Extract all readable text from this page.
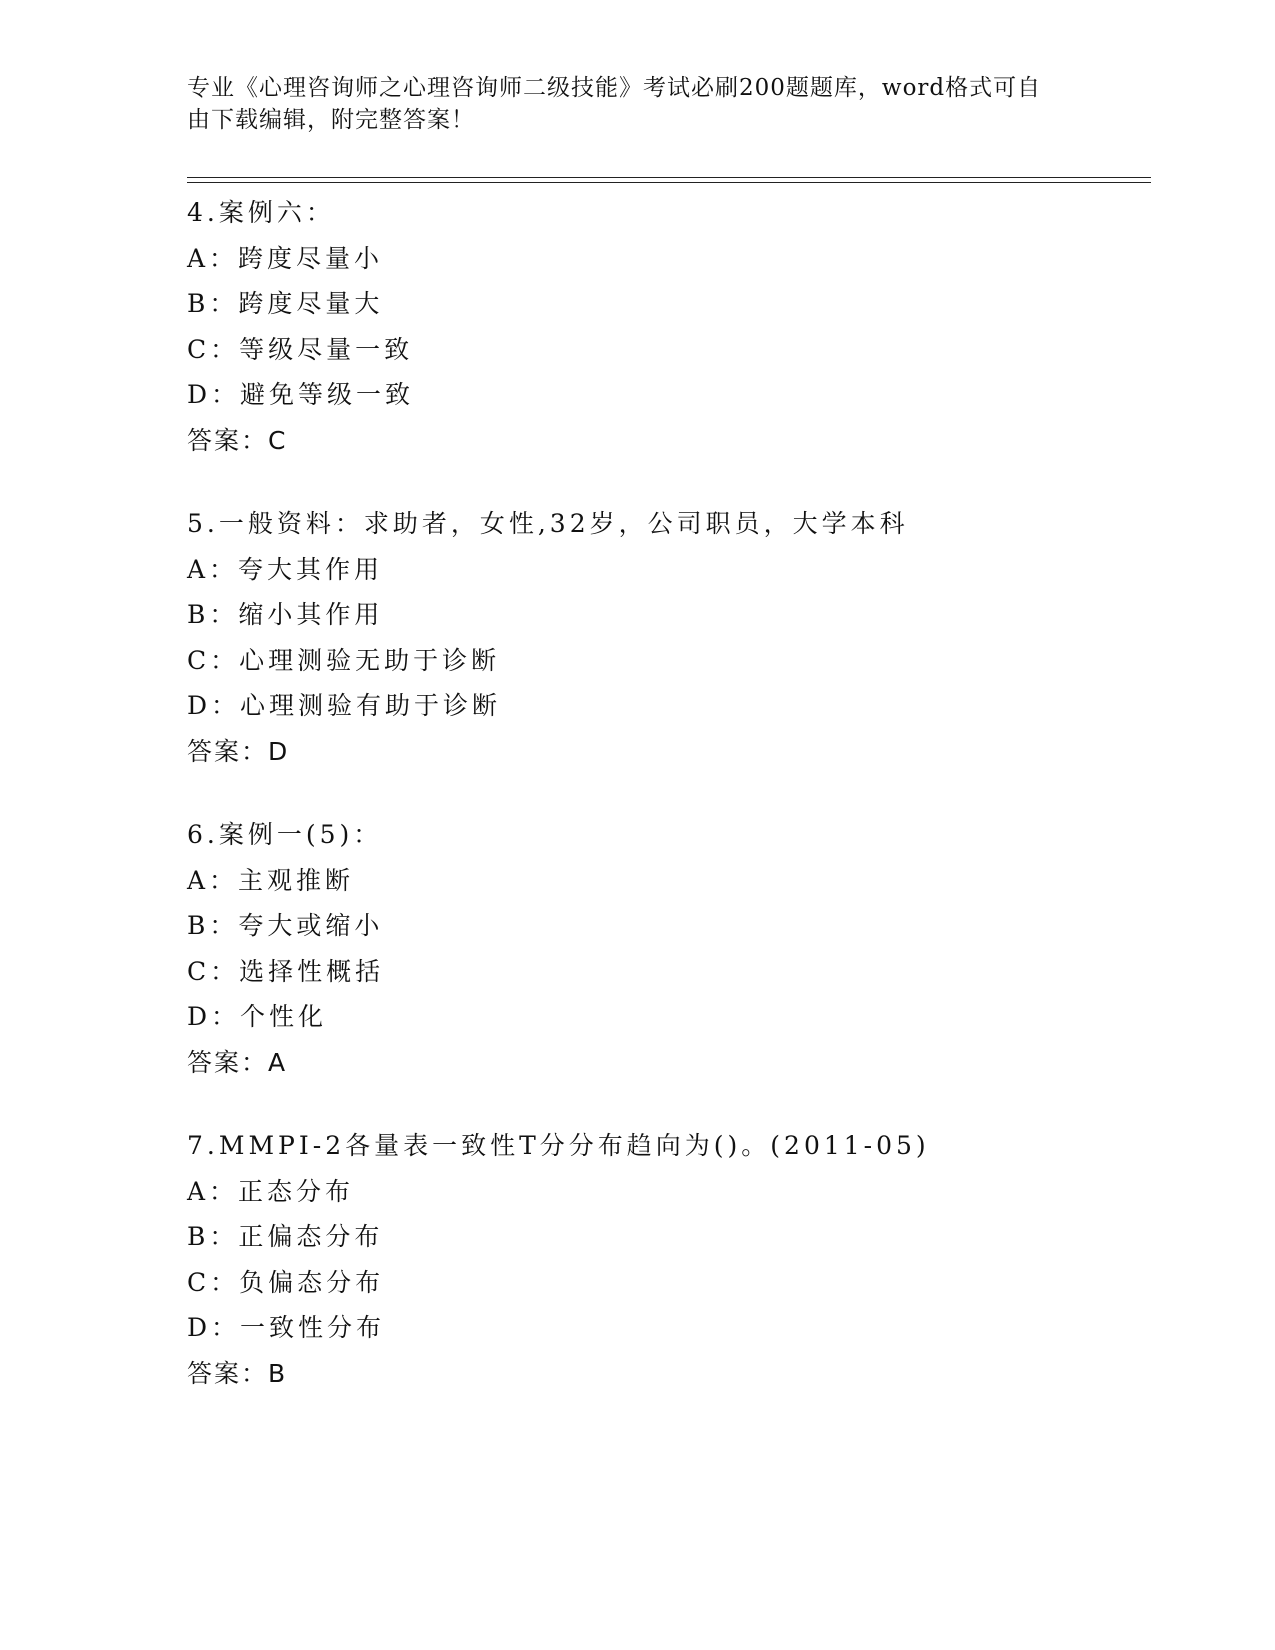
专业《心理咨询师之心理咨询师二级技能》考试必刷200题题库，word格式可自
由下载编辑，附完整答案！
4.案例六：
A：跨度尽量小
B：跨度尽量大
C：等级尽量一致
D：避免等级一致
答案：C
5.一般资料：求助者，女性,32岁，公司职员，大学本科
A：夸大其作用
B：缩小其作用
C：心理测验无助于诊断
D：心理测验有助于诊断
答案：D
6.案例一(5)：
A：主观推断
B：夸大或缩小
C：选择性概括
D：个性化
答案：A
7.MMPI-2各量表一致性T分分布趋向为()。(2011-05)
A：正态分布
B：正偏态分布
C：负偏态分布
D：一致性分布
答案：B
